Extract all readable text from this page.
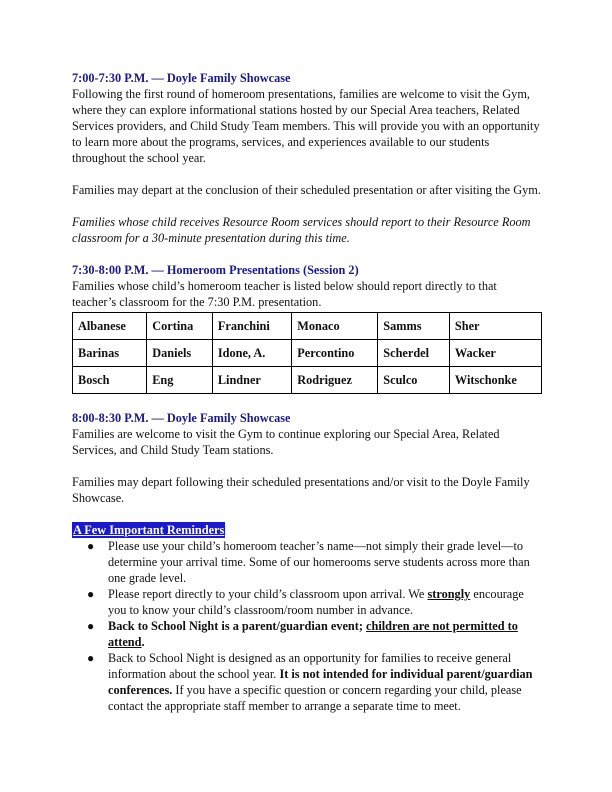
7:00-7:30 P.M. — Doyle Family Showcase

Following the first round of homeroom presentations, families are welcome to visit the Gym, where they can explore informational stations hosted by our Special Area teachers, Related Services providers, and Child Study Team members. This will provide you with an opportunity to learn more about the programs, services, and experiences available to our students throughout the school year.

Families may depart at the conclusion of their scheduled presentation or after visiting the Gym.

Families whose child receives Resource Room services should report to their Resource Room classroom for a 30-minute presentation during this time.

7:30-8:00 P.M. — Homeroom Presentations (Session 2)

Families whose child’s homeroom teacher is listed below should report directly to that teacher’s classroom for the 7:30 P.M. presentation.

Albanese	Cortina	Franchini	Monaco	Samms	Sher
Barinas	Daniels	Idone, A.	Percontino	Scherdel	Wacker
Bosch	Eng	Lindner	Rodriguez	Sculco	Witschonke

8:00-8:30 P.M. — Doyle Family Showcase

Families are welcome to visit the Gym to continue exploring our Special Area, Related Services, and Child Study Team stations.

Families may depart following their scheduled presentations and/or visit to the Doyle Family Showcase.

A Few Important Reminders

● Please use your child’s homeroom teacher’s name—not simply their grade level—to determine your arrival time. Some of our homerooms serve students across more than one grade level.
● Please report directly to your child’s classroom upon arrival. We strongly encourage you to know your child’s classroom/room number in advance.
● Back to School Night is a parent/guardian event; children are not permitted to attend.
● Back to School Night is designed as an opportunity for families to receive general information about the school year. It is not intended for individual parent/guardian conferences. If you have a specific question or concern regarding your child, please contact the appropriate staff member to arrange a separate time to meet.
